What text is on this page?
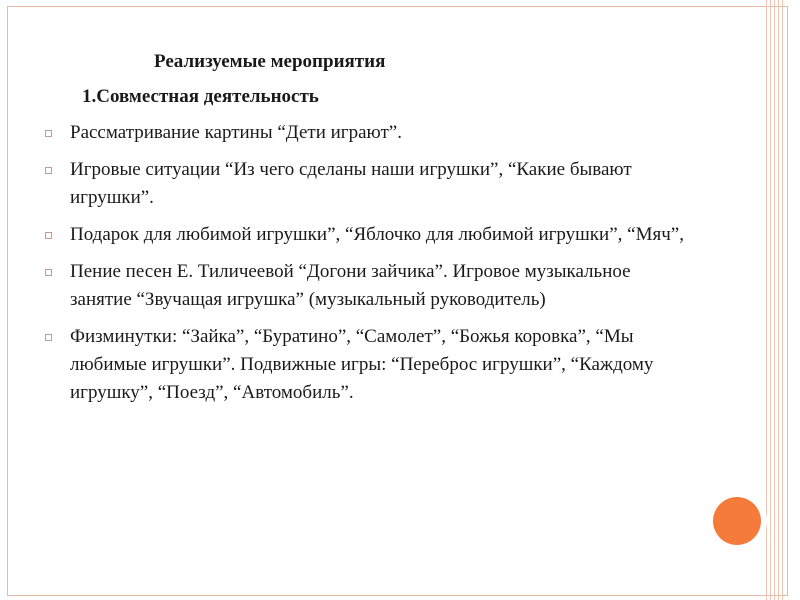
Реализуемые мероприятия
1.Совместная деятельность
Рассматривание картины “Дети играют”.
Игровые ситуации “Из чего сделаны наши игрушки”, “Какие бывают игрушки”.
Подарок для любимой игрушки”, “Яблочко для любимой игрушки”, “Мяч”,
Пение песен Е. Тиличеевой “Догони зайчика”. Игровое музыкальное занятие “Звучащая игрушка” (музыкальный руководитель)
Физминутки: “Зайка”, “Буратино”, “Самолет”, “Божья коровка”, “Мы любимые игрушки”. Подвижные игры: “Переброс игрушки”, “Каждому игрушку”, “Поезд”, “Автомобиль”.
